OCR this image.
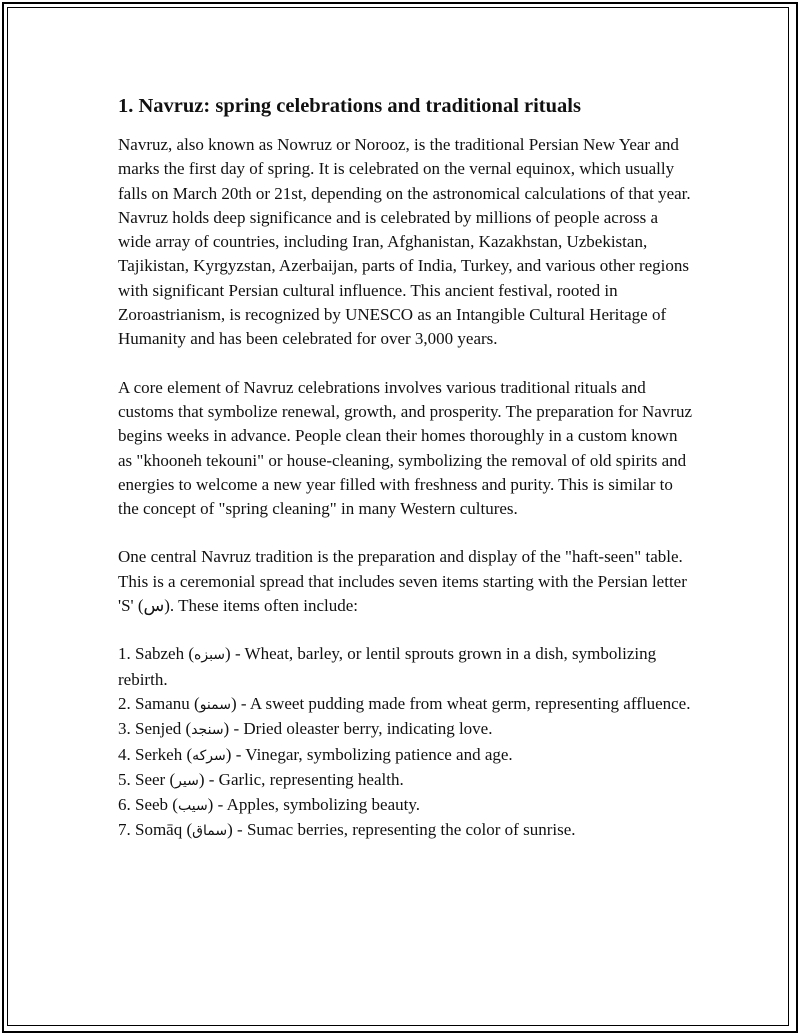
1. Navruz: spring celebrations and traditional rituals

Navruz, also known as Nowruz or Norooz, is the traditional Persian New Year and marks the first day of spring. It is celebrated on the vernal equinox, which usually falls on March 20th or 21st, depending on the astronomical calculations of that year. Navruz holds deep significance and is celebrated by millions of people across a wide array of countries, including Iran, Afghanistan, Kazakhstan, Uzbekistan, Tajikistan, Kyrgyzstan, Azerbaijan, parts of India, Turkey, and various other regions with significant Persian cultural influence. This ancient festival, rooted in Zoroastrianism, is recognized by UNESCO as an Intangible Cultural Heritage of Humanity and has been celebrated for over 3,000 years.

A core element of Navruz celebrations involves various traditional rituals and customs that symbolize renewal, growth, and prosperity. The preparation for Navruz begins weeks in advance. People clean their homes thoroughly in a custom known as "khooneh tekouni" or house-cleaning, symbolizing the removal of old spirits and energies to welcome a new year filled with freshness and purity. This is similar to the concept of "spring cleaning" in many Western cultures.

One central Navruz tradition is the preparation and display of the "haft-seen" table. This is a ceremonial spread that includes seven items starting with the Persian letter 'S' (س). These items often include:

1. Sabzeh (سبزه) - Wheat, barley, or lentil sprouts grown in a dish, symbolizing rebirth.
2. Samanu (سمنو) - A sweet pudding made from wheat germ, representing affluence.
3. Senjed (سنجد) - Dried oleaster berry, indicating love.
4. Serkeh (سرکه) - Vinegar, symbolizing patience and age.
5. Seer (سیر) - Garlic, representing health.
6. Seeb (سیب) - Apples, symbolizing beauty.
7. Somāq (سماق) - Sumac berries, representing the color of sunrise.
